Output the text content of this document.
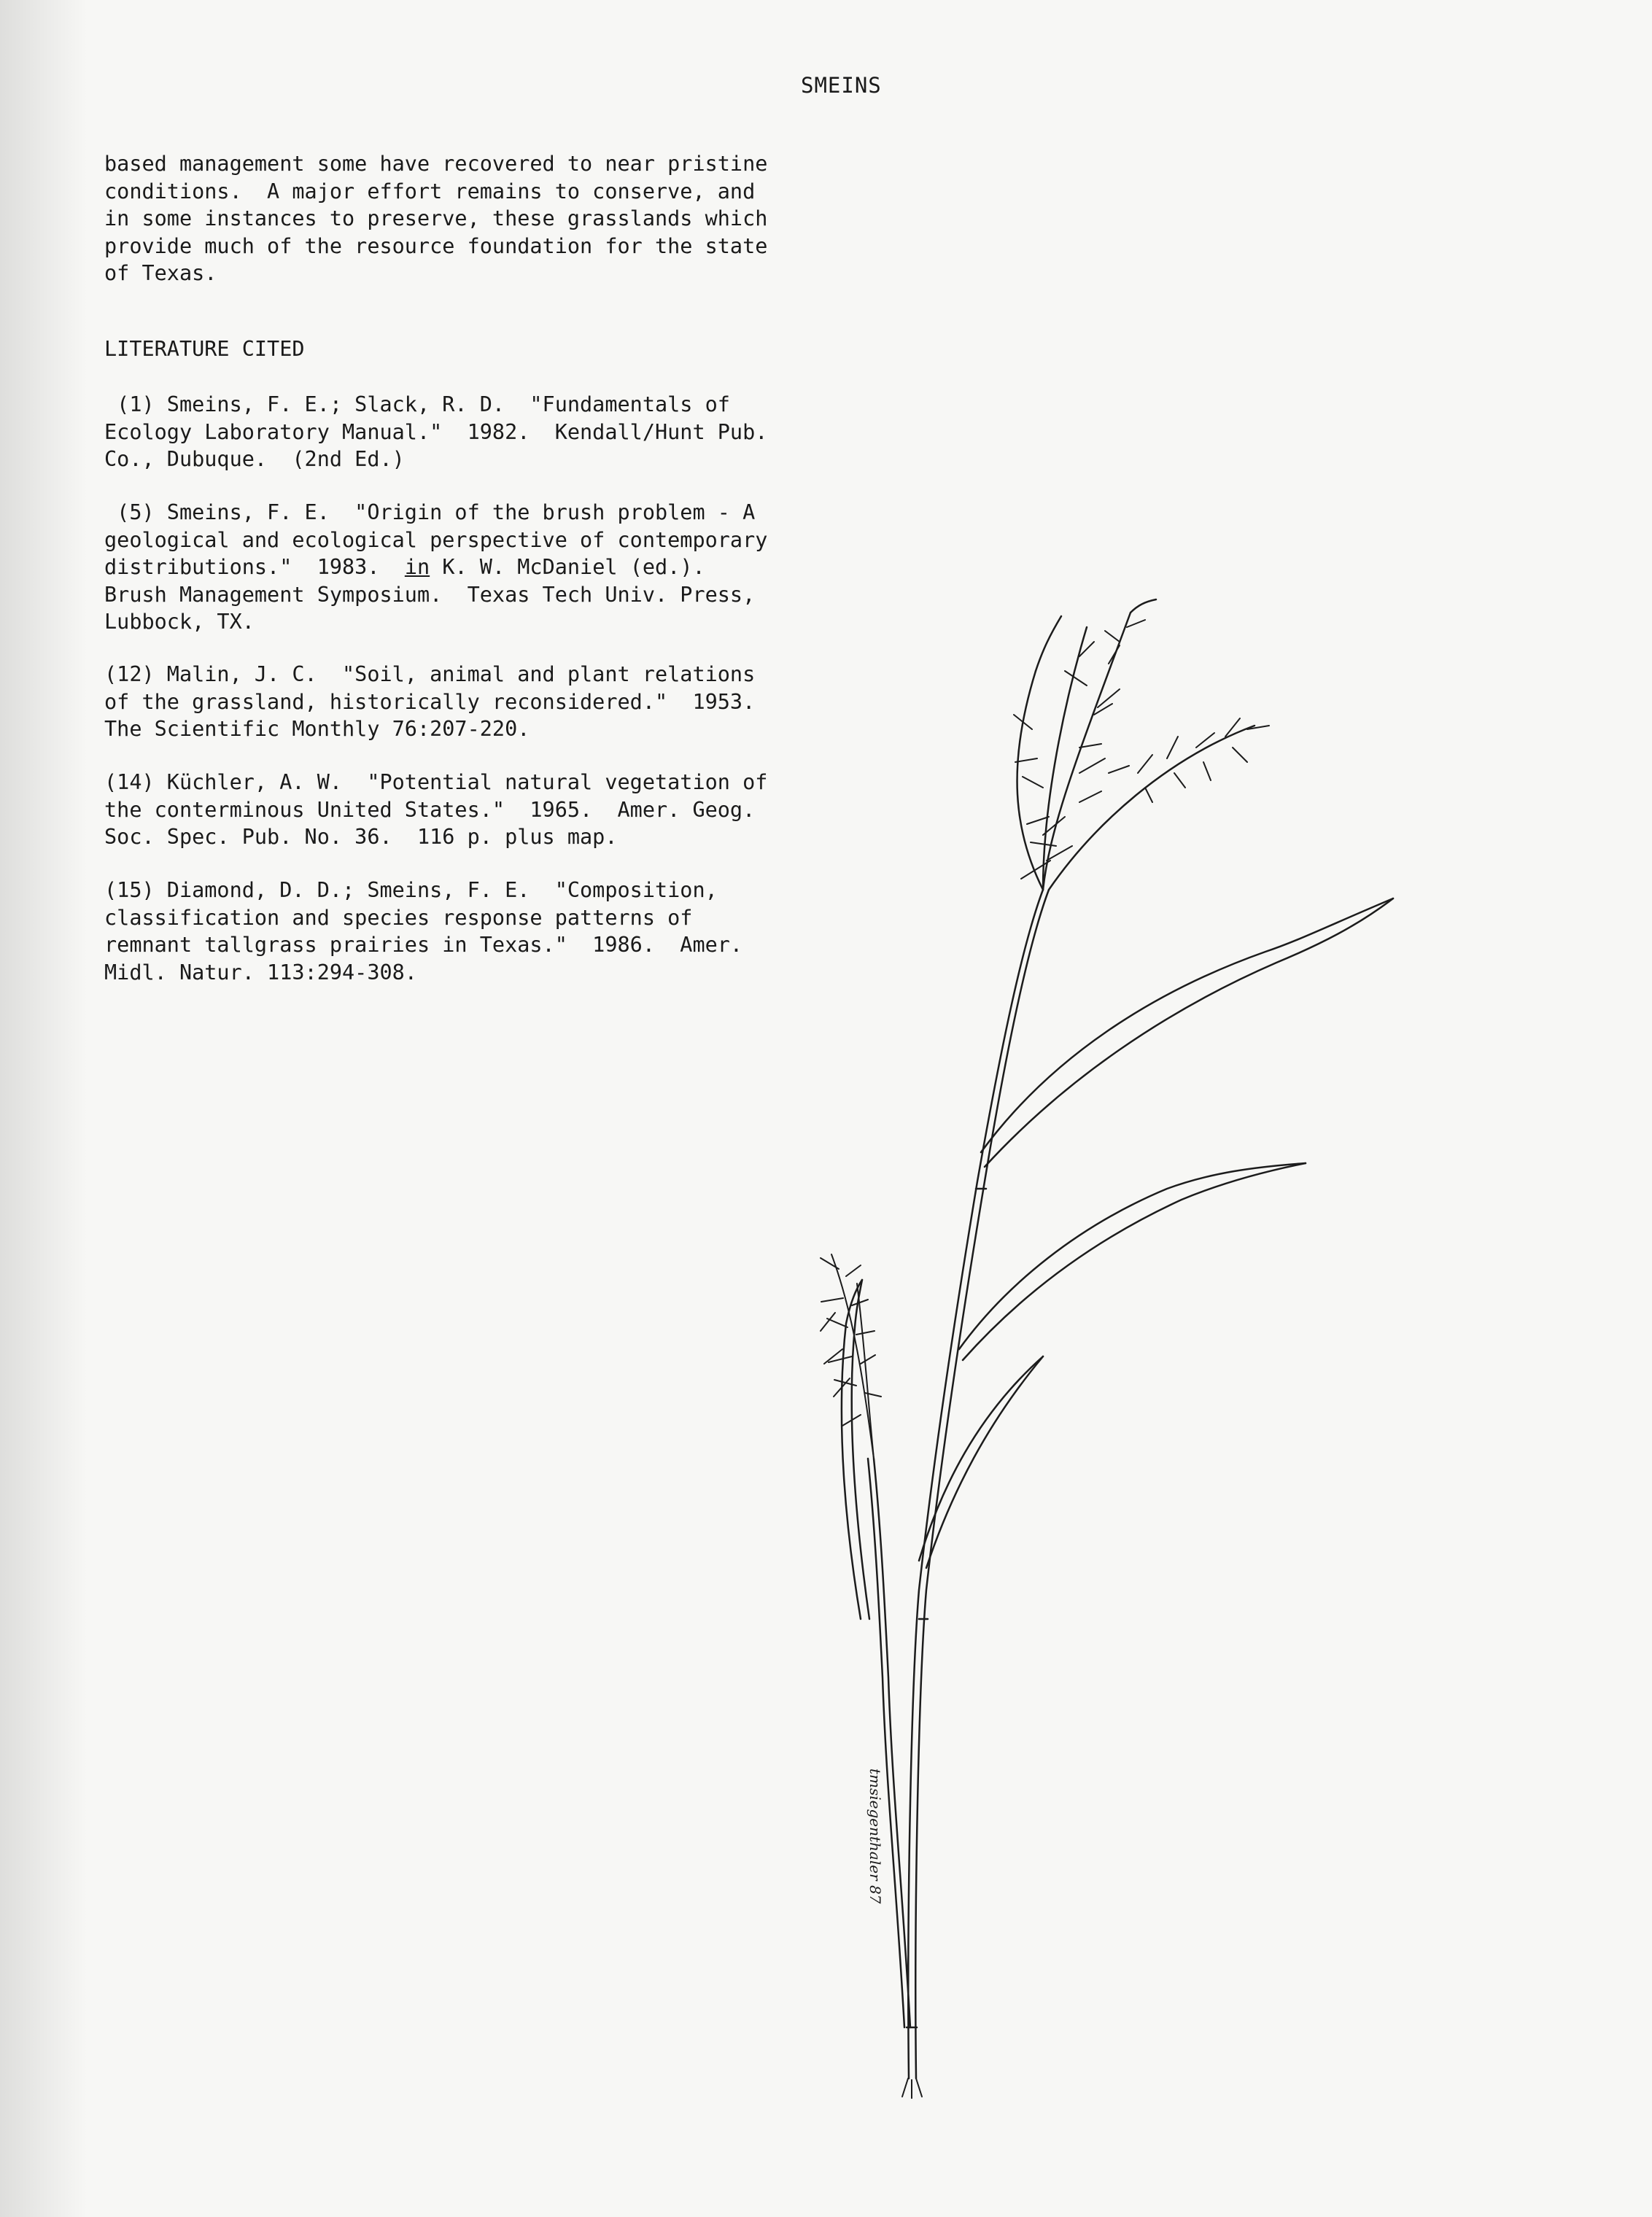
SMEINS
based management some have recovered to near pristine
conditions.  A major effort remains to conserve, and
in some instances to preserve, these grasslands which
provide much of the resource foundation for the state
of Texas.
LITERATURE CITED
(1) Smeins, F. E.; Slack, R. D.  "Fundamentals of
Ecology Laboratory Manual."  1982.  Kendall/Hunt Pub.
Co., Dubuque.  (2nd Ed.)
(5) Smeins, F. E.  "Origin of the brush problem - A
geological and ecological perspective of contemporary
distributions."  1983. in K. W. McDaniel (ed.).
Brush Management Symposium.  Texas Tech Univ. Press,
Lubbock, TX.
(12) Malin, J. C.  "Soil, animal and plant relations
of the grassland, historically reconsidered."  1953.
The Scientific Monthly 76:207-220.
(14) Küchler, A. W.  "Potential natural vegetation of
the conterminous United States."  1965.  Amer. Geog.
Soc. Spec. Pub. No. 36.  116 p. plus map.
(15) Diamond, D. D.; Smeins, F. E.  "Composition,
classification and species response patterns of
remnant tallgrass prairies in Texas."  1986.  Amer.
Midl. Natur. 113:294-308.
tmsiegenthaler 87
